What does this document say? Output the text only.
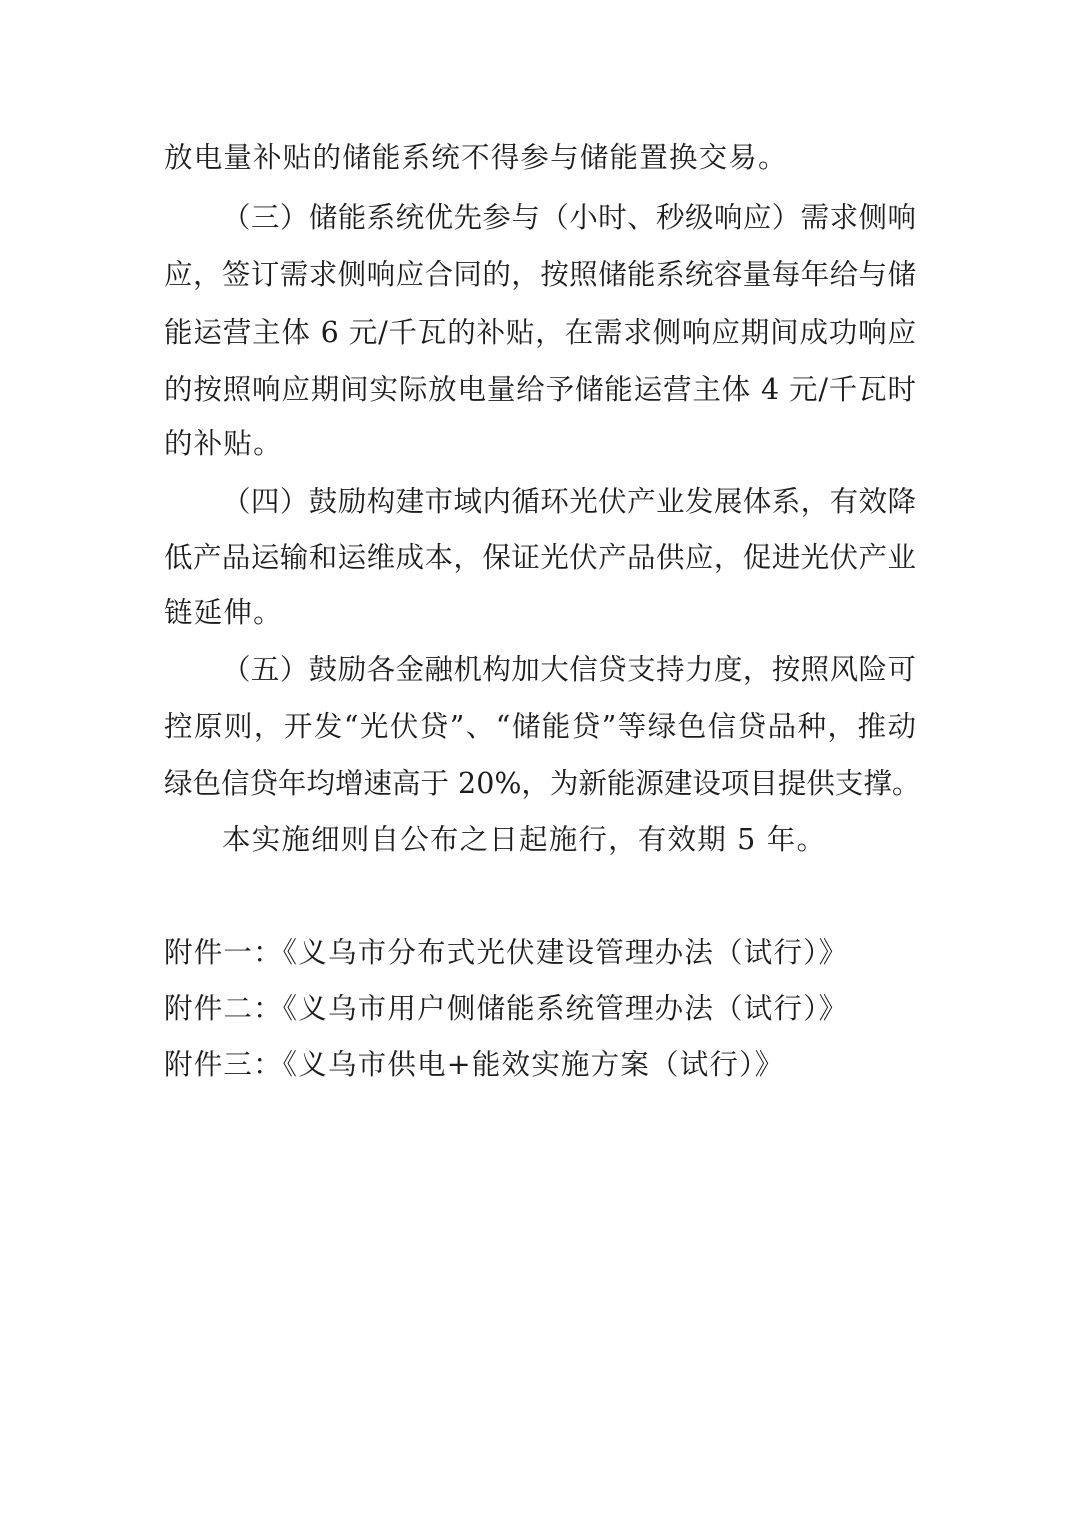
放电量补贴的储能系统不得参与储能置换交易。
（三）储能系统优先参与（小时、秒级响应）需求侧响
应，签订需求侧响应合同的，按照储能系统容量每年给与储
能运营主体 6 元/千瓦的补贴，在需求侧响应期间成功响应
的按照响应期间实际放电量给予储能运营主体 4 元/千瓦时
的补贴。
（四）鼓励构建市域内循环光伏产业发展体系，有效降
低产品运输和运维成本，保证光伏产品供应，促进光伏产业
链延伸。
（五）鼓励各金融机构加大信贷支持力度，按照风险可
控原则，开发“光伏贷”、“储能贷”等绿色信贷品种，推动
绿色信贷年均增速高于 20%，为新能源建设项目提供支撑。
本实施细则自公布之日起施行，有效期 5 年。
附件一：《义乌市分布式光伏建设管理办法（试行）》
附件二：《义乌市用户侧储能系统管理办法（试行）》
附件三：《义乌市供电+能效实施方案（试行）》
